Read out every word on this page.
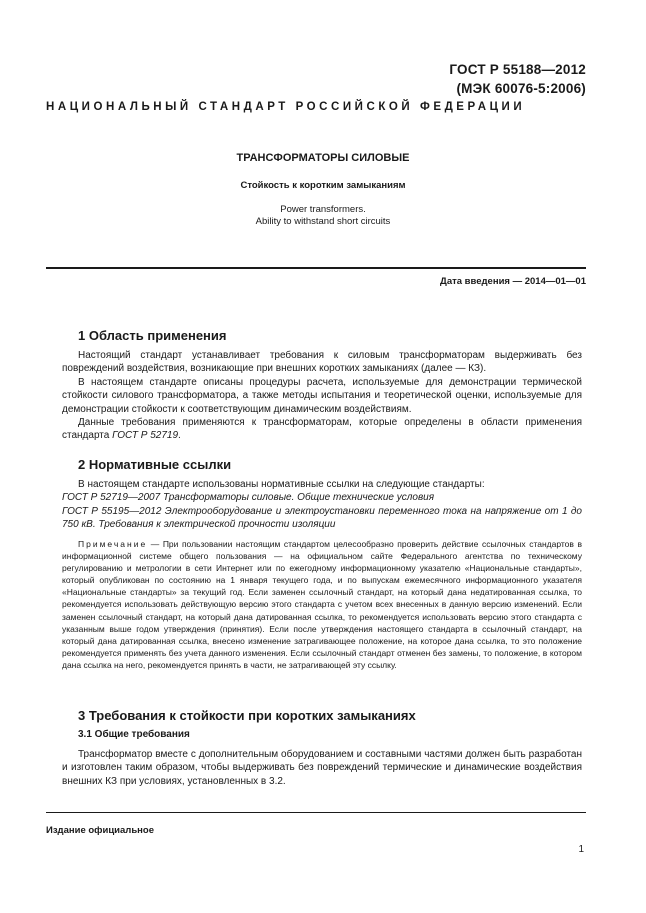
ГОСТ Р 55188—2012
(МЭК 60076-5:2006)
НАЦИОНАЛЬНЫЙ СТАНДАРТ РОССИЙСКОЙ ФЕДЕРАЦИИ
ТРАНСФОРМАТОРЫ СИЛОВЫЕ
Стойкость к коротким замыканиям
Power transformers.
Ability to withstand short circuits
Дата введения — 2014—01—01
1 Область применения

Настоящий стандарт устанавливает требования к силовым трансформаторам выдерживать без повреждений воздействия, возникающие при внешних коротких замыканиях (далее — КЗ).

В настоящем стандарте описаны процедуры расчета, используемые для демонстрации термической стойкости силового трансформатора, а также методы испытания и теоретической оценки, используемые для демонстрации стойкости к соответствующим динамическим воздействиям.

Данные требования применяются к трансформаторам, которые определены в области применения стандарта ГОСТ Р 52719.

2 Нормативные ссылки

В настоящем стандарте использованы нормативные ссылки на следующие стандарты:

ГОСТ Р 52719—2007 Трансформаторы силовые. Общие технические условия

ГОСТ Р 55195—2012 Электрооборудование и электроустановки переменного тока на напряжение от 1 до 750 кВ. Требования к электрической прочности изоляции

Примечание — При пользовании настоящим стандартом целесообразно проверить действие ссылочных стандартов в информационной системе общего пользования — на официальном сайте Федерального агентства по техническому регулированию и метрологии в сети Интернет или по ежегодному информационному указателю «Национальные стандарты», который опубликован по состоянию на 1 января текущего года, и по выпускам ежемесячного информационного указателя «Национальные стандарты» за текущий год. Если заменен ссылочный стандарт, на который дана недатированная ссылка, то рекомендуется использовать действующую версию этого стандарта с учетом всех внесенных в данную версию изменений. Если заменен ссылочный стандарт, на который дана датированная ссылка, то рекомендуется использовать версию этого стандарта с указанным выше годом утверждения (принятия). Если после утверждения настоящего стандарта в ссылочный стандарт, на который дана датированная ссылка, внесено изменение затрагивающее положение, на которое дана ссылка, то это положение рекомендуется применять без учета данного изменения. Если ссылочный стандарт отменен без замены, то положение, в котором дана ссылка на него, рекомендуется принять в части, не затрагивающей эту ссылку.

3 Требования к стойкости при коротких замыканиях
3.1 Общие требования

Трансформатор вместе с дополнительным оборудованием и составными частями должен быть разработан и изготовлен таким образом, чтобы выдерживать без повреждений термические и динамические воздействия внешних КЗ при условиях, установленных в 3.2.

Издание официальное
1
